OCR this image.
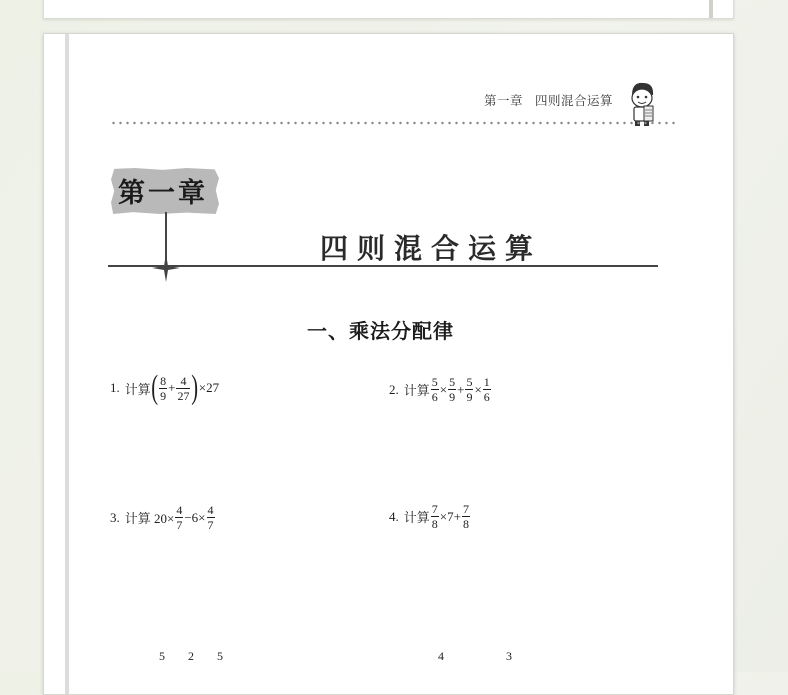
第一章 四则混合运算
第一章
四则混合运算
一、乘法分配律
1. 计算 ( $\frac{8}{9} + \frac{4}{27}$ ) ×27	2. 计算 $\frac{5}{6} \times \frac{5}{9} + \frac{5}{9} \times \frac{1}{6}$
3. 计算 $20\times \frac{4}{7} -6\times \frac{4}{7}$	4. 计算 $\frac{7}{8} \times 7+ \frac{7}{8}$
5 2 5	4	3
